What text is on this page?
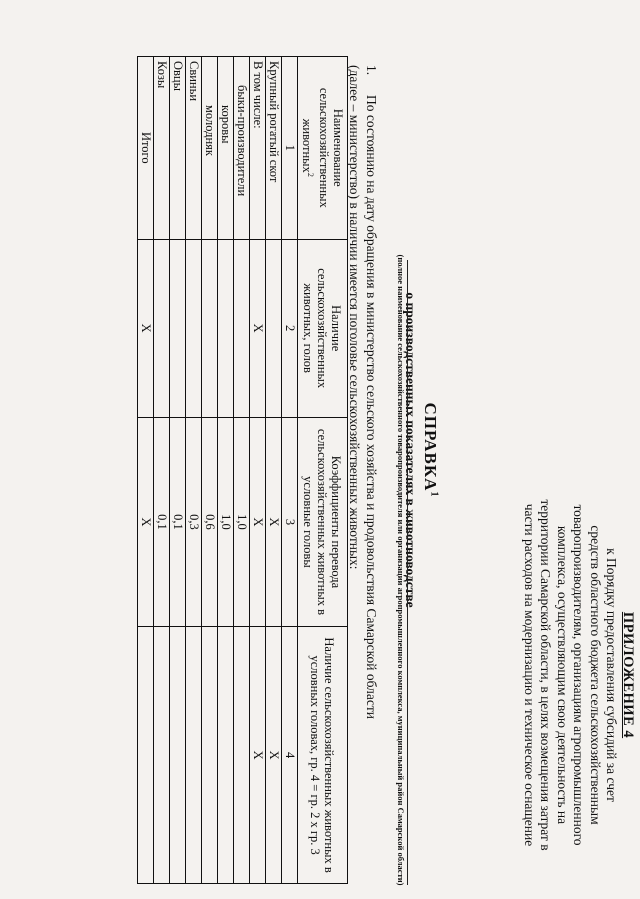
ПРИЛОЖЕНИЕ 4
к Порядку предоставления субсидий за счет
средств областного бюджета сельскохозяйственным
товаропроизводителям, организациям агропромышленного
комплекса, осуществляющим свою деятельность на
территории Самарской области, в целях возмещения затрат в
части расходов на модернизацию и техническое оснащение
СПРАВКА$^1$
о производственных показателях в животноводстве
(полное наименование сельскохозяйственного товаропроизводителя или организации агропромышленного комплекса, муниципальный район Самарской области)
1.По состоянию на дату обращения в министерство сельского хозяйства и продовольствия Самарской области
(далее – министерство) в наличии имеется поголовье сельскохозяйственных животных:
Наименование сельскохозяйственных животных$^2$	Наличие сельскохозяйственных животных, голов	Коэффициенты перевода сельскохозяйственных животных в условные головы	Наличие сельскохозяйственных животных в условных головах, гр. 4 = гр. 2 х гр. 3
1	2	3	4
Крупный рогатый скот		Х	Х
В том числе:	Х	Х	Х
быки-производители		1,0	
коровы		1,0	
молодняк		0,6	
Свиньи		0,3	
Овцы		0,1	
Козы		0,1	
Итого	Х	Х	
